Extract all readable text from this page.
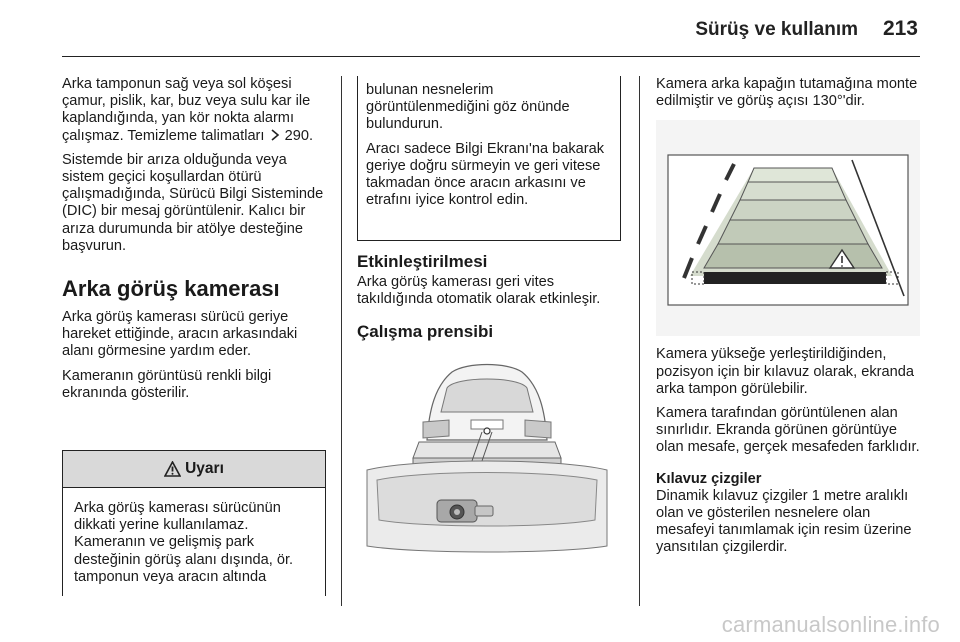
Sürüş ve kullanım 213

Arka tamponun sağ veya sol köşesi çamur, pislik, kar, buz veya sulu kar ile kaplandığında, yan kör nokta alarmı çalışmaz. Temizleme talimatları 290.

Sistemde bir arıza olduğunda veya sistem geçici koşullardan ötürü çalışmadığında, Sürücü Bilgi Sisteminde (DIC) bir mesaj görüntülenir. Kalıcı bir arıza durumunda bir atölye desteğine başvurun.

Arka görüş kamerası

Arka görüş kamerası sürücü geriye hareket ettiğinde, aracın arkasındaki alanı görmesine yardım eder.

Kameranın görüntüsü renkli bilgi ekranında gösterilir.

Uyarı
Arka görüş kamerası sürücünün dikkati yerine kullanılamaz. Kameranın ve gelişmiş park desteğinin görüş alanı dışında, ör. tamponun veya aracın altında

bulunan nesnelerim görüntülenmediğini göz önünde bulundurun.

Aracı sadece Bilgi Ekranı'na bakarak geriye doğru sürmeyin ve geri vitese takmadan önce aracın arkasını ve etrafını iyice kontrol edin.

Etkinleştirilmesi

Arka görüş kamerası geri vites takıldığında otomatik olarak etkinleşir.

Çalışma prensibi

Kamera arka kapağın tutamağına monte edilmiştir ve görüş açısı 130°'dir.

Kamera yükseğe yerleştirildiğinden, pozisyon için bir kılavuz olarak, ekranda arka tampon görülebilir.

Kamera tarafından görüntülenen alan sınırlıdır. Ekranda görünen görüntüye olan mesafe, gerçek mesafeden farklıdır.

Kılavuz çizgiler

Dinamik kılavuz çizgiler 1 metre aralıklı olan ve gösterilen nesnelere olan mesafeyi tanımlamak için resim üzerine yansıtılan çizgilerdir.

carmanualsonline.info
